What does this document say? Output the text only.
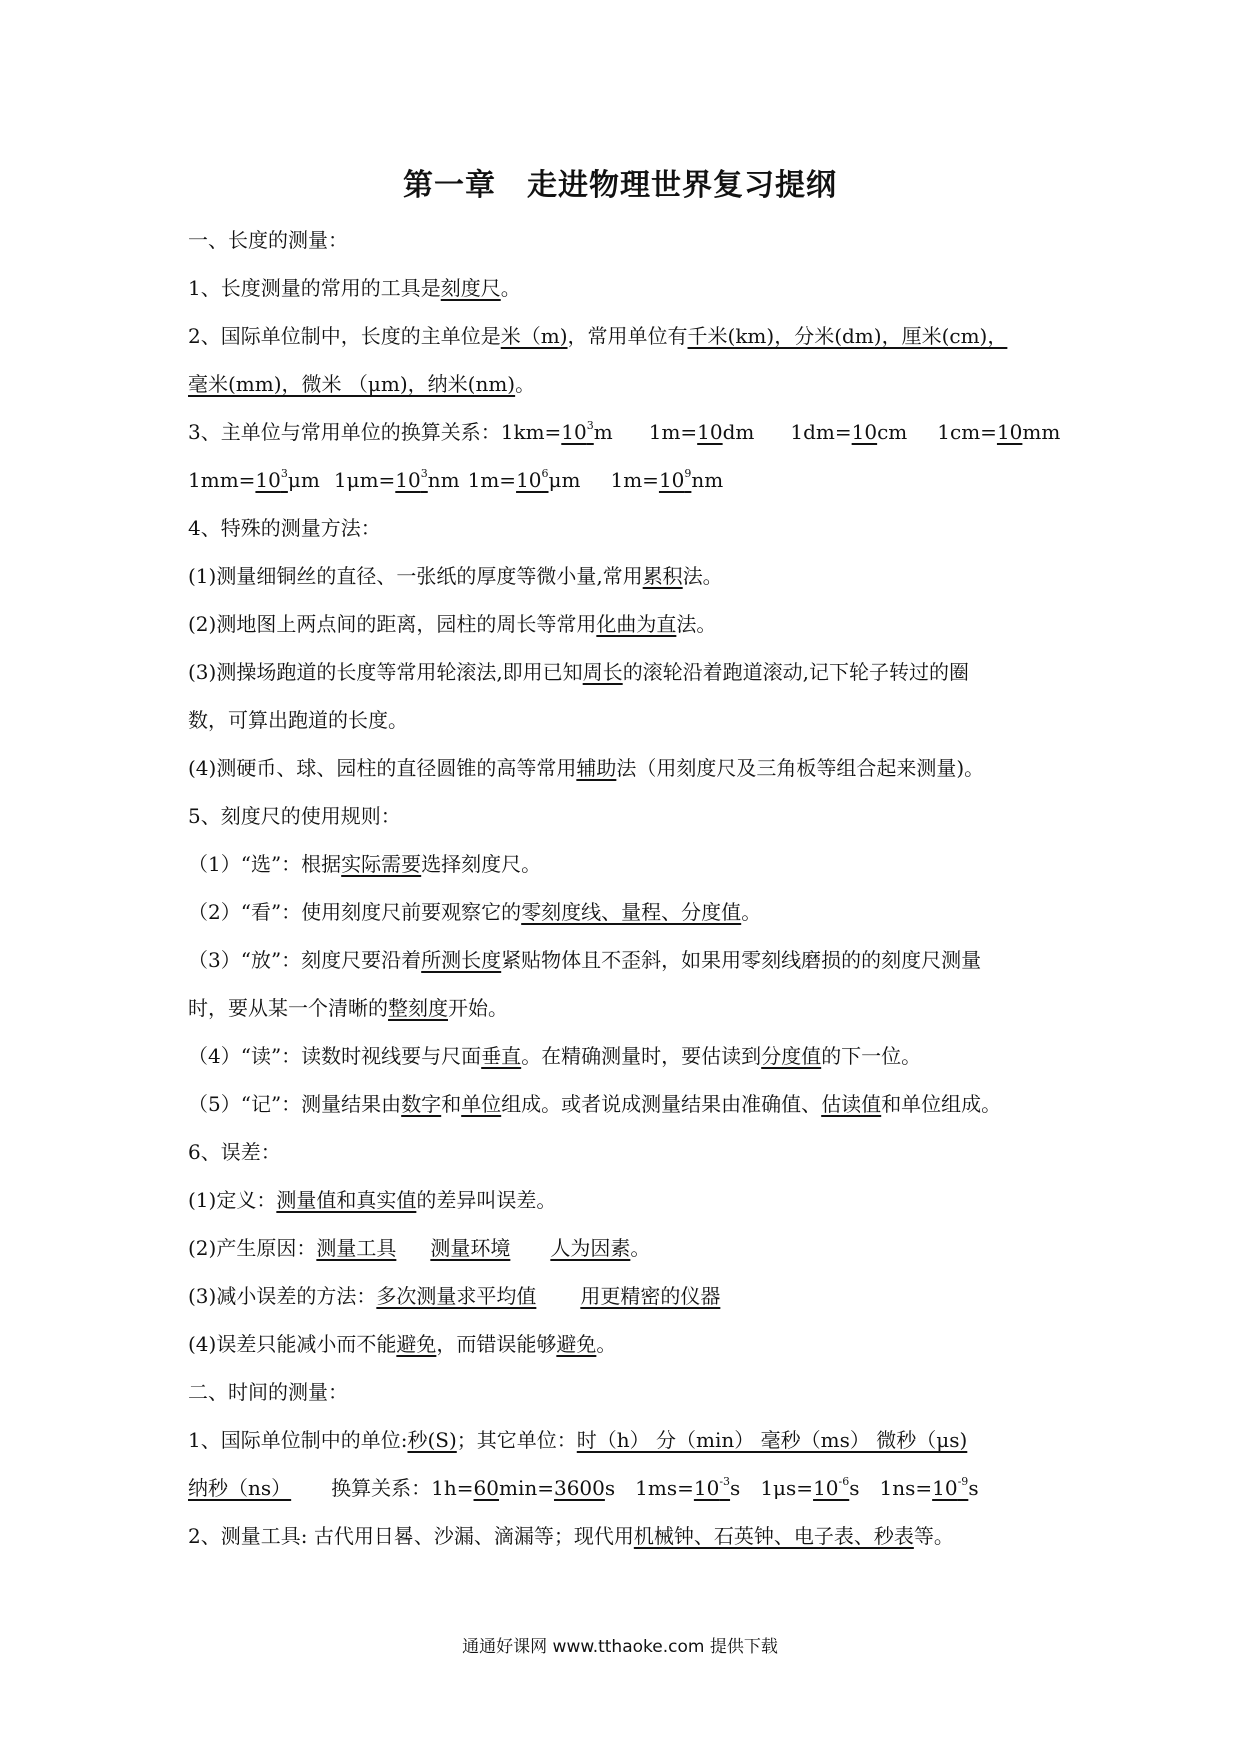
第一章　走进物理世界复习提纲
一、长度的测量：
1、长度测量的常用的工具是刻度尺。
2、国际单位制中，长度的主单位是米（m)，常用单位有千米(km)，分米(dm)，厘米(cm)，
毫米(mm)，微米 （μm)，纳米(nm)。
3、主单位与常用单位的换算关系：$1km=10^3m$ 1m=10dm 1dm=10cm 1cm=10mm
$1mm=10^3\mu m$ $1\mu m=10^3nm$ $1m=10^6\mu m$ $1m=10^9nm$
4、特殊的测量方法：
(1)测量细铜丝的直径、一张纸的厚度等微小量,常用累积法。
(2)测地图上两点间的距离，园柱的周长等常用化曲为直法。
(3)测操场跑道的长度等常用轮滚法,即用已知周长的滚轮沿着跑道滚动,记下轮子转过的圈
数，可算出跑道的长度。
(4)测硬币、球、园柱的直径圆锥的高等常用辅助法（用刻度尺及三角板等组合起来测量)。
5、刻度尺的使用规则：
（1）“选”：根据实际需要选择刻度尺。
（2）“看”：使用刻度尺前要观察它的零刻度线、量程、分度值。
（3）“放”：刻度尺要沿着所测长度紧贴物体且不歪斜，如果用零刻线磨损的的刻度尺测量
时，要从某一个清晰的整刻度开始。
（4）“读”：读数时视线要与尺面垂直。在精确测量时，要估读到分度值的下一位。
（5）“记”：测量结果由数字和单位组成。或者说成测量结果由准确值、估读值和单位组成。
6、误差：
(1)定义：测量值和真实值的差异叫误差。
(2)产生原因：测量工具 测量环境 人为因素。
(3)减小误差的方法：多次测量求平均值 用更精密的仪器
(4)误差只能减小而不能避免，而错误能够避免。
二、时间的测量：
1、国际单位制中的单位:秒(S)；其它单位：时（h） 分（min） 毫秒（ms） 微秒（μs)
纳秒（ns） 换算关系：1h=60min=3600s $1ms=10^{-3}s$ $1\mu s=10^{-6}s$ $1ns=10^{-9}s$
2、测量工具: 古代用日晷、沙漏、滴漏等；现代用机械钟、石英钟、电子表、秒表等。
通通好课网 www.tthaoke.com 提供下载
